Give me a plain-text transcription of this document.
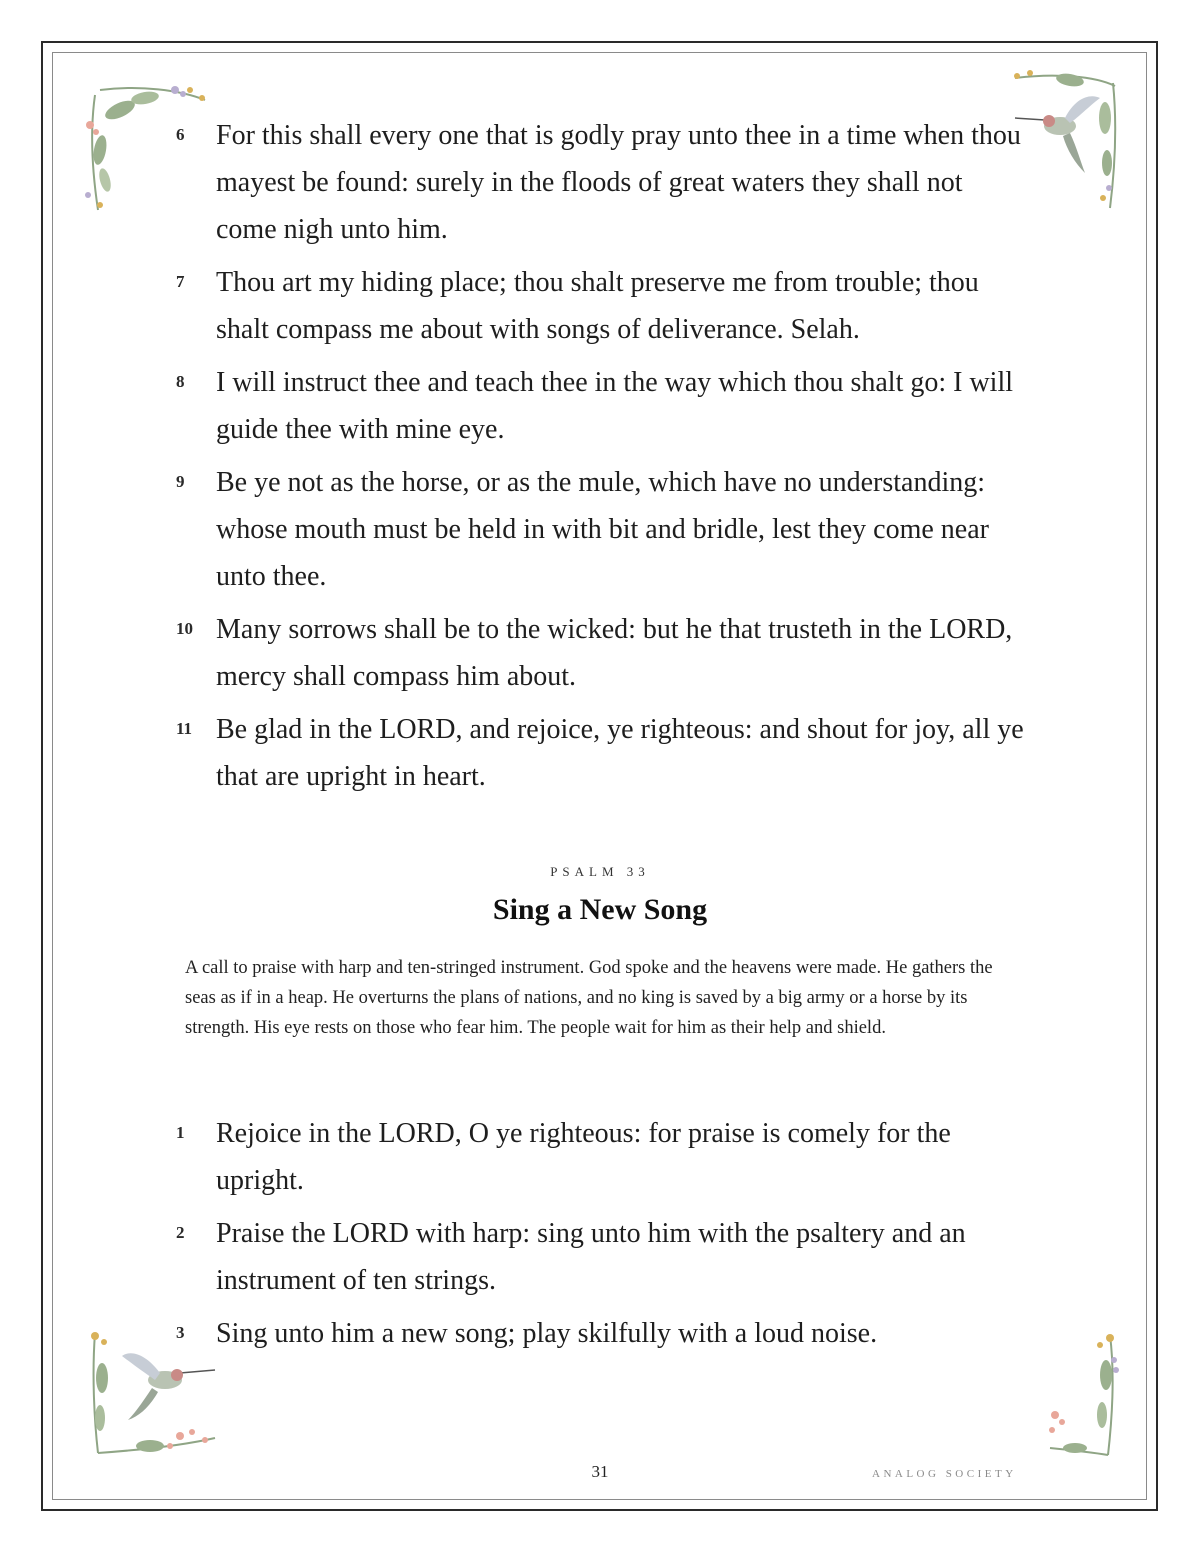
6	For this shall every one that is godly pray unto thee in a time when thou mayest be found: surely in the floods of great waters they shall not come nigh unto him.

7	Thou art my hiding place; thou shalt preserve me from trouble; thou shalt compass me about with songs of deliverance. Selah.

8	I will instruct thee and teach thee in the way which thou shalt go: I will guide thee with mine eye.

9	Be ye not as the horse, or as the mule, which have no understanding: whose mouth must be held in with bit and bridle, lest they come near unto thee.

10 Many sorrows shall be to the wicked: but he that trusteth in the LORD, mercy shall compass him about.

11 Be glad in the LORD, and rejoice, ye righteous: and shout for joy, all ye that are upright in heart.

PSALM 33
Sing a New Song
A call to praise with harp and ten-stringed instrument. God spoke and the heavens were made. He gathers the seas as if in a heap. He overturns the plans of nations, and no king is saved by a big army or a horse by its strength. His eye rests on those who fear him. The people wait for him as their help and shield.

1	Rejoice in the LORD, O ye righteous: for praise is comely for the upright.

2	Praise the LORD with harp: sing unto him with the psaltery and an instrument of ten strings.

3	Sing unto him a new song; play skilfully with a loud noise.

31	ANALOG SOCIETY
